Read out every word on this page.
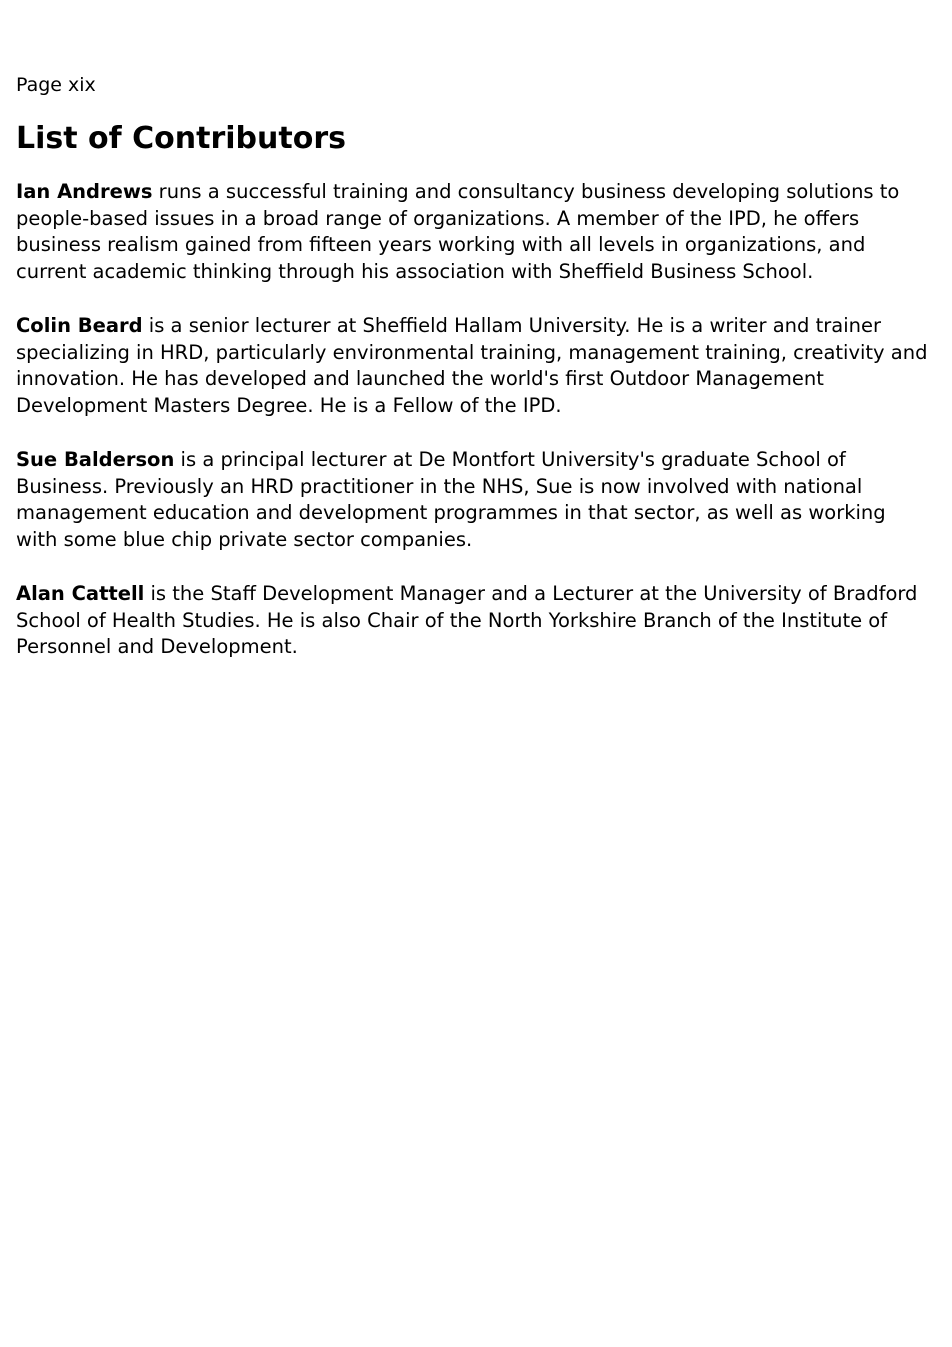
Page xix

List of Contributors

Ian Andrews runs a successful training and consultancy business developing solutions to people-based issues in a broad range of organizations. A member of the IPD, he offers business realism gained from fifteen years working with all levels in organizations, and current academic thinking through his association with Sheffield Business School.

Colin Beard is a senior lecturer at Sheffield Hallam University. He is a writer and trainer specializing in HRD, particularly environmental training, management training, creativity and innovation. He has developed and launched the world's first Outdoor Management Development Masters Degree. He is a Fellow of the IPD.

Sue Balderson is a principal lecturer at De Montfort University's graduate School of Business. Previously an HRD practitioner in the NHS, Sue is now involved with national management education and development programmes in that sector, as well as working with some blue chip private sector companies.

Alan Cattell is the Staff Development Manager and a Lecturer at the University of Bradford School of Health Studies. He is also Chair of the North Yorkshire Branch of the Institute of Personnel and Development.
